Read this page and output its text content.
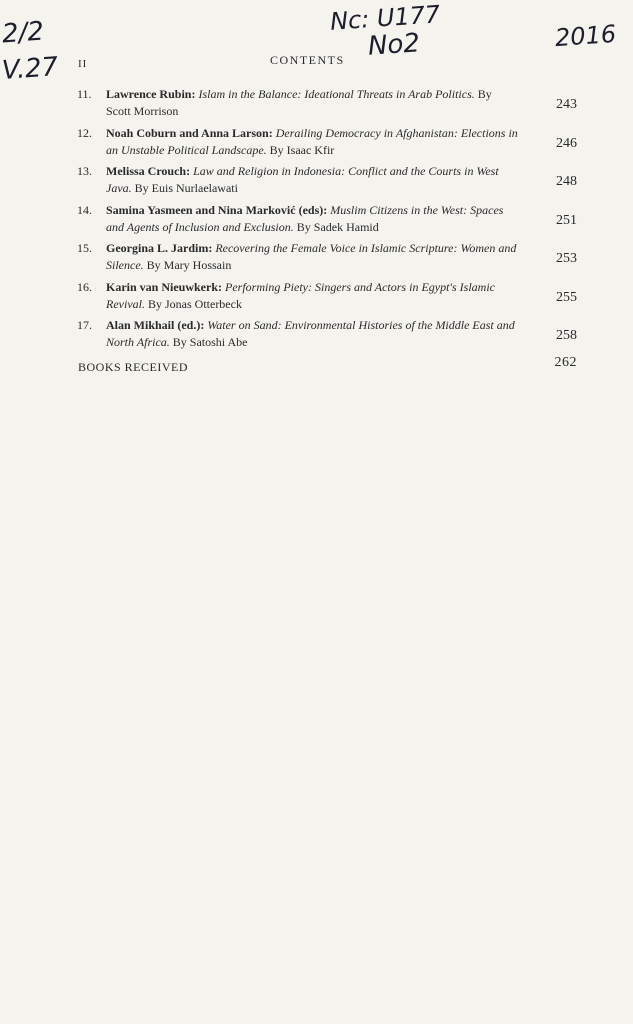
2/2
V.27
Nc: U177
No2	2016
II	CONTENTS
11.	Lawrence Rubin: Islam in the Balance: Ideational Threats in Arab Politics. By Scott Morrison	243
12.	Noah Coburn and Anna Larson: Derailing Democracy in Afghanistan: Elections in an Unstable Political Landscape. By Isaac Kfir	246
13.	Melissa Crouch: Law and Religion in Indonesia: Conflict and the Courts in West Java. By Euis Nurlaelawati	248
14.	Samina Yasmeen and Nina Marković (eds): Muslim Citizens in the West: Spaces and Agents of Inclusion and Exclusion. By Sadek Hamid	251
15.	Georgina L. Jardim: Recovering the Female Voice in Islamic Scripture: Women and Silence. By Mary Hossain	253
16.	Karin van Nieuwkerk: Performing Piety: Singers and Actors in Egypt's Islamic Revival. By Jonas Otterbeck	255
17.	Alan Mikhail (ed.): Water on Sand: Environmental Histories of the Middle East and North Africa. By Satoshi Abe	258
BOOKS RECEIVED	262
